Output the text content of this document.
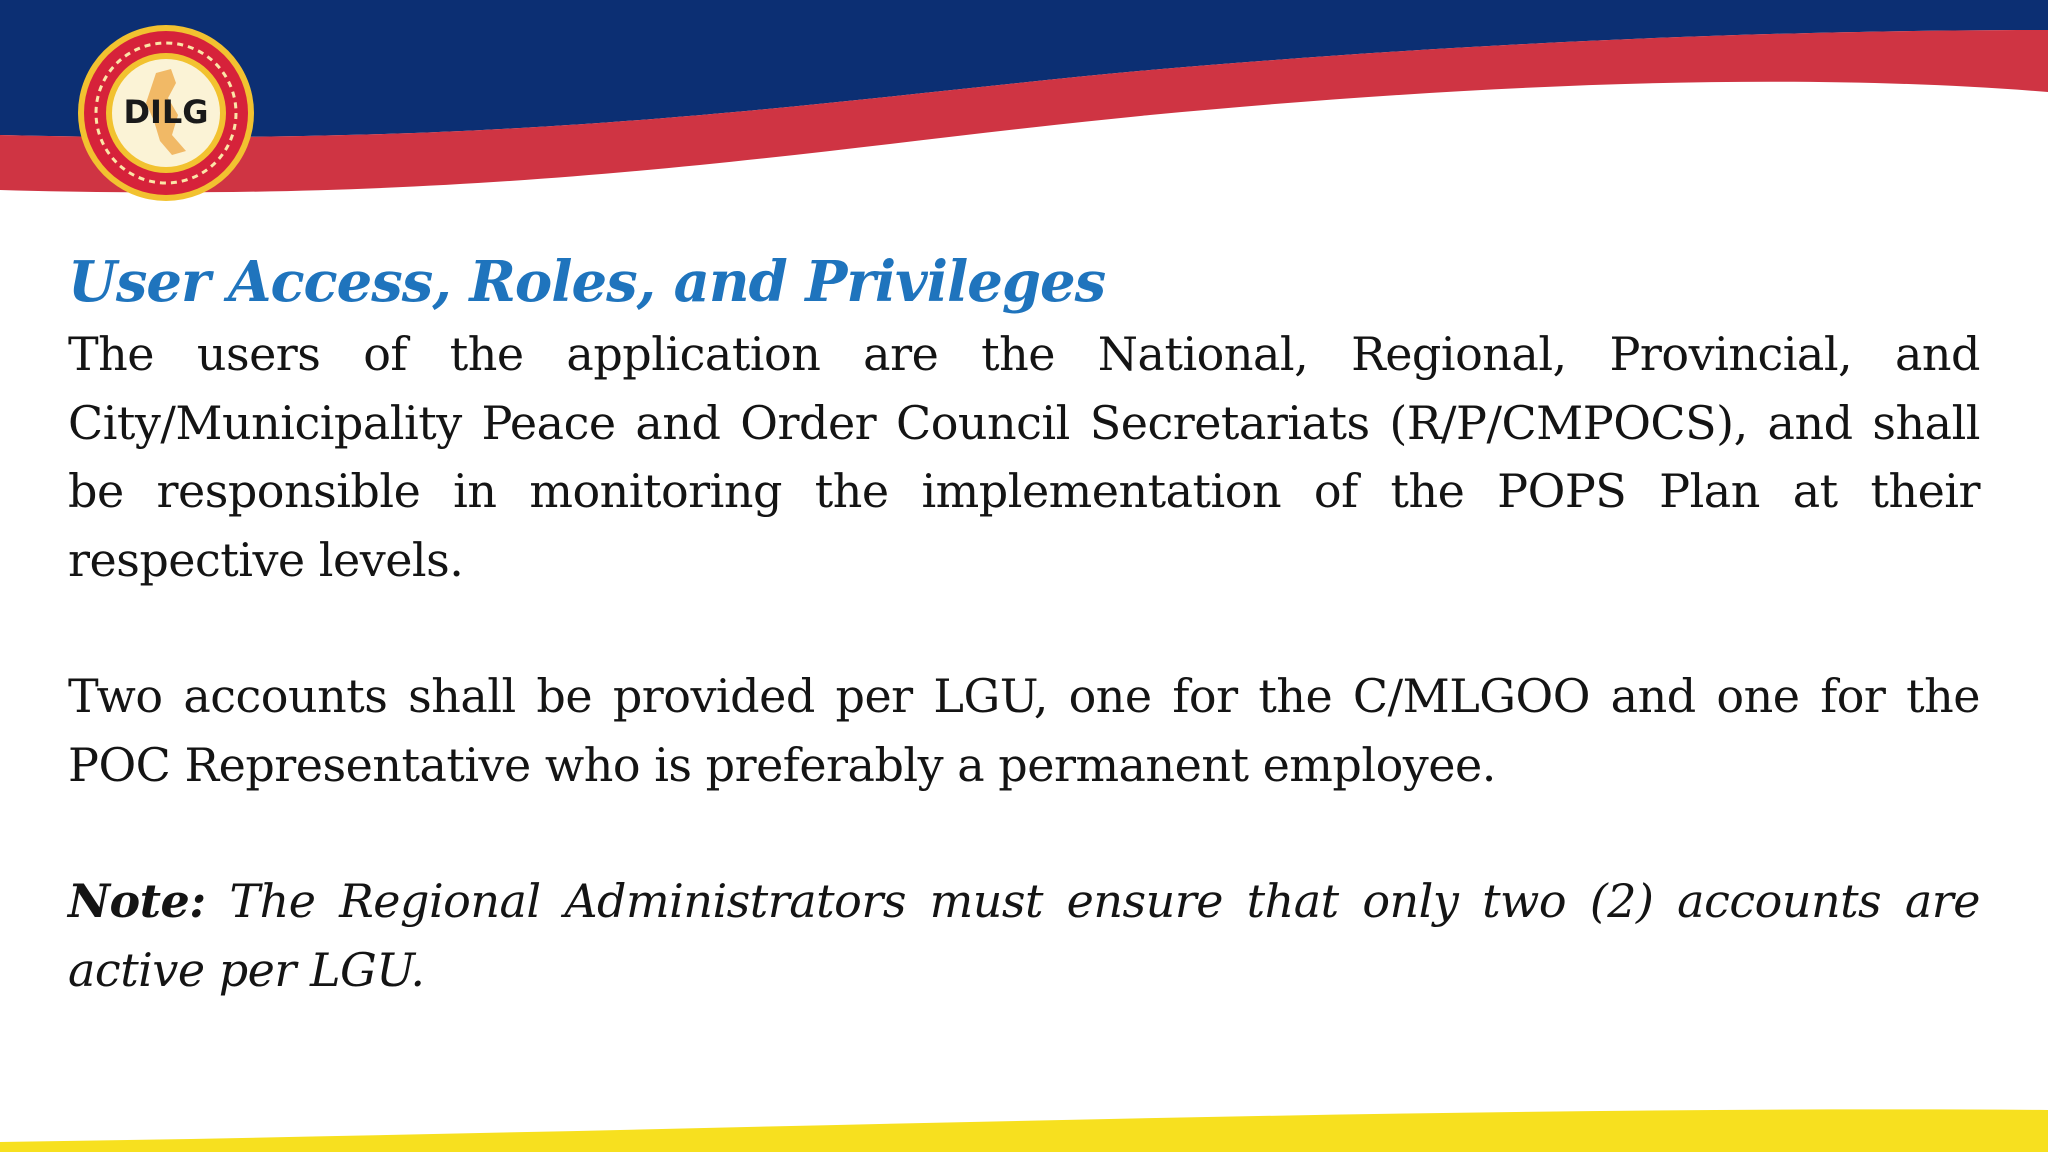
DILG
User Access, Roles, and Privileges

The users of the application are the National, Regional, Provincial, and City/Municipality Peace and Order Council Secretariats (R/P/CMPOCS), and shall be responsible in monitoring the implementation of the POPS Plan at their respective levels.

Two accounts shall be provided per LGU, one for the C/MLGOO and one for the POC Representative who is preferably a permanent employee.

Note: The Regional Administrators must ensure that only two (2) accounts are active per LGU.
